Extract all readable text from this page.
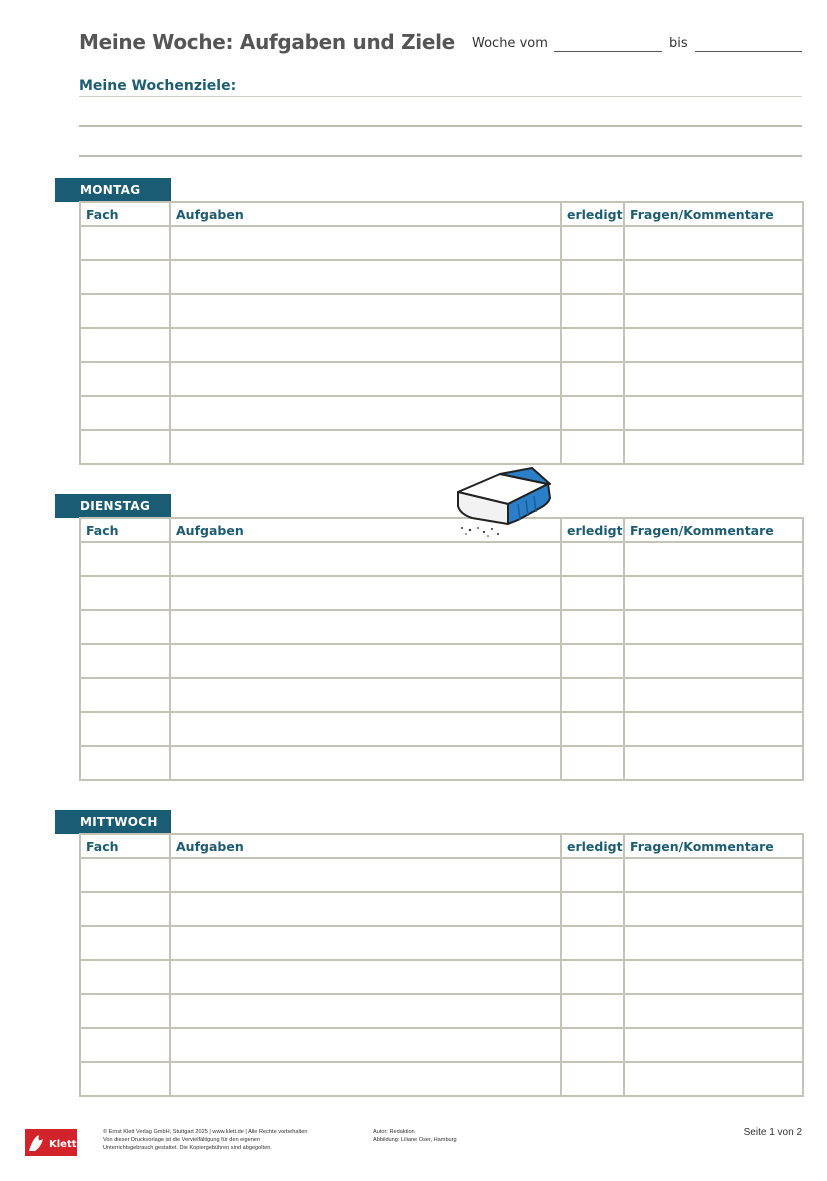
Meine Woche: Aufgaben und Ziele Woche vom	bis
Meine Wochenziele:
MONTAG
Fach	Aufgaben	erledigt	Fragen/Kommentare

DIENSTAG
Fach	Aufgaben	erledigt	Fragen/Kommentare

MITTWOCH
Fach	Aufgaben	erledigt	Fragen/Kommentare

Klett
© Ernst Klett Verlag GmbH, Stuttgart 2025 | www.klett.de | Alle Rechte vorbehalten
Von dieser Druckvorlage ist die Vervielfältigung für den eigenen
Unterrichtsgebrauch gestattet. Die Kopiergebühren sind abgegolten.
Autor: Redaktion
Abbildung: Liliane Oser, Hamburg
Seite 1 von 2
